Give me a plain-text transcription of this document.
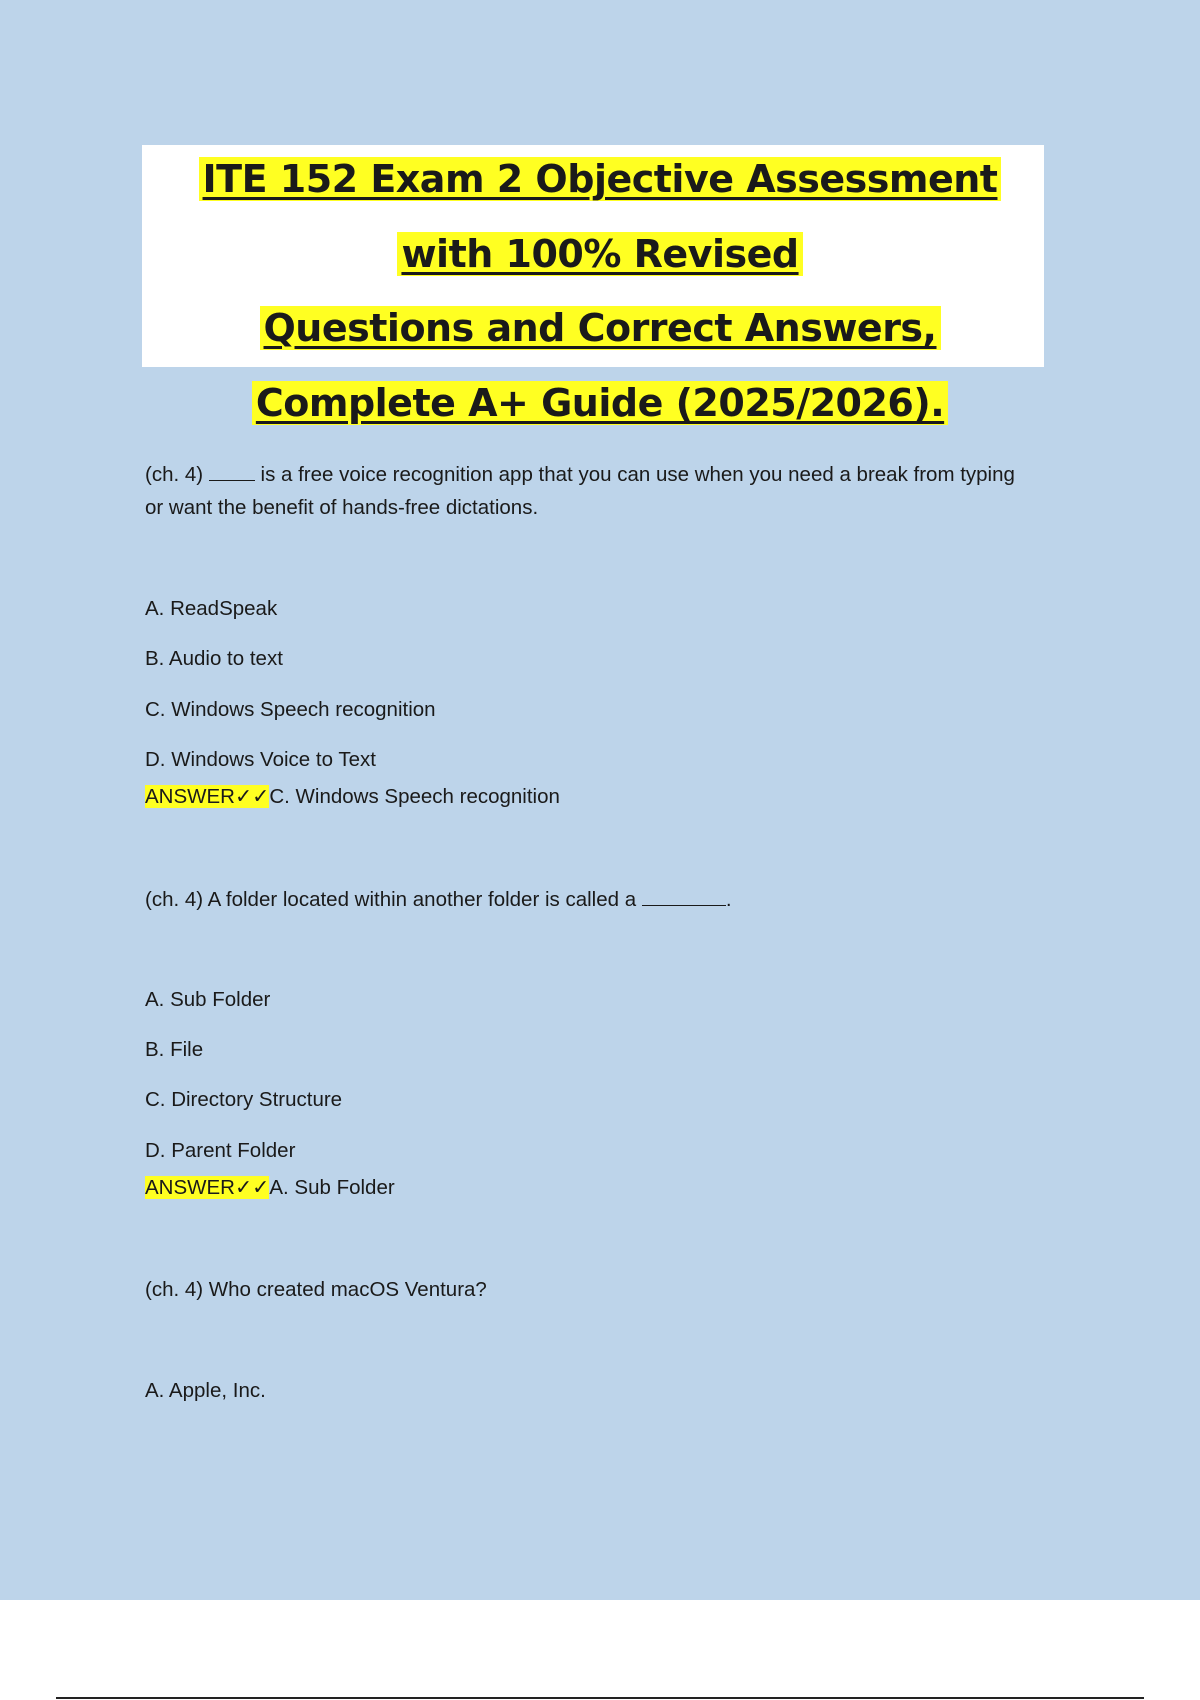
ITE 152 Exam 2 Objective Assessment
with 100% Revised
Questions and Correct Answers,
Complete A+ Guide (2025/2026).
(ch. 4)	is a free voice recognition app that you can use when you need a break from typing
or want the benefit of hands-free dictations.
A. ReadSpeak
B. Audio to text
C. Windows Speech recognition
D. Windows Voice to Text
ANSWER✓✓C. Windows Speech recognition
(ch. 4) A folder located within another folder is called a	.
A. Sub Folder
B. File
C. Directory Structure
D. Parent Folder
ANSWER✓✓A. Sub Folder
(ch. 4) Who created macOS Ventura?
A. Apple, Inc.
